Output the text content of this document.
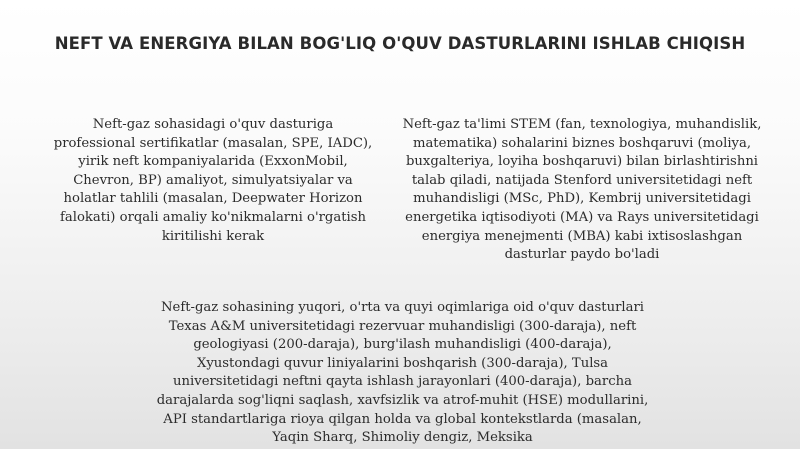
NEFT VA ENERGIYA BILAN BOG'LIQ O'QUV DASTURLARINI ISHLAB CHIQISH

Neft-gaz sohasidagi o'quv dasturiga professional sertifikatlar (masalan, SPE, IADC), yirik neft kompaniyalarida (ExxonMobil, Chevron, BP) amaliyot, simulyatsiyalar va holatlar tahlili (masalan, Deepwater Horizon falokati) orqali amaliy ko'nikmalarni o'rgatish kiritilishi kerak

Neft-gaz ta'limi STEM (fan, texnologiya, muhandislik, matematika) sohalarini biznes boshqaruvi (moliya, buxgalteriya, loyiha boshqaruvi) bilan birlashtirishni talab qiladi, natijada Stenford universitetidagi neft muhandisligi (MSc, PhD), Kembrij universitetidagi energetika iqtisodiyoti (MA) va Rays universitetidagi energiya menejmenti (MBA) kabi ixtisoslashgan dasturlar paydo bo'ladi

Neft-gaz sohasining yuqori, o'rta va quyi oqimlariga oid o'quv dasturlari Texas A&M universitetidagi rezervuar muhandisligi (300-daraja), neft geologiyasi (200-daraja), burg'ilash muhandisligi (400-daraja), Xyustondagi quvur liniyalarini boshqarish (300-daraja), Tulsa universitetidagi neftni qayta ishlash jarayonlari (400-daraja), barcha darajalarda sog'liqni saqlash, xavfsizlik va atrof-muhit (HSE) modullarini, API standartlariga rioya qilgan holda va global kontekstlarda (masalan, Yaqin Sharq, Shimoliy dengiz, Meksika
